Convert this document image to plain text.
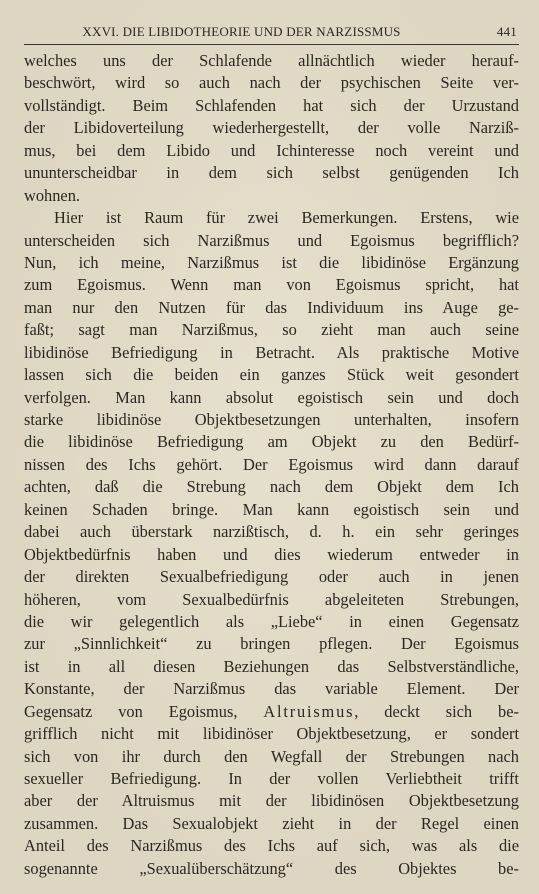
XXVI. DIE LIBIDOTHEORIE UND DER NARZISSMUS	441
welches uns der Schlafende allnächtlich wieder herauf-
beschwört, wird so auch nach der psychischen Seite ver-
vollständigt. Beim Schlafenden hat sich der Urzustand
der Libidoverteilung wiederhergestellt, der volle Narziß-
mus, bei dem Libido und Ichinteresse noch vereint und
ununterscheidbar in dem sich selbst genügenden Ich
wohnen.
Hier ist Raum für zwei Bemerkungen. Erstens, wie
unterscheiden sich Narzißmus und Egoismus begrifflich?
Nun, ich meine, Narzißmus ist die libidinöse Ergänzung
zum Egoismus. Wenn man von Egoismus spricht, hat
man nur den Nutzen für das Individuum ins Auge ge-
faßt; sagt man Narzißmus, so zieht man auch seine
libidinöse Befriedigung in Betracht. Als praktische Motive
lassen sich die beiden ein ganzes Stück weit gesondert
verfolgen. Man kann absolut egoistisch sein und doch
starke libidinöse Objektbesetzungen unterhalten, insofern
die libidinöse Befriedigung am Objekt zu den Bedürf-
nissen des Ichs gehört. Der Egoismus wird dann darauf
achten, daß die Strebung nach dem Objekt dem Ich
keinen Schaden bringe. Man kann egoistisch sein und
dabei auch überstark narzißtisch, d. h. ein sehr geringes
Objektbedürfnis haben und dies wiederum entweder in
der direkten Sexualbefriedigung oder auch in jenen
höheren, vom Sexualbedürfnis abgeleiteten Strebungen,
die wir gelegentlich als „Liebe“ in einen Gegensatz
zur „Sinnlichkeit“ zu bringen pflegen. Der Egoismus
ist in all diesen Beziehungen das Selbstverständliche,
Konstante, der Narzißmus das variable Element. Der
Gegensatz von Egoismus, Altruismus, deckt sich be-
grifflich nicht mit libidinöser Objektbesetzung, er sondert
sich von ihr durch den Wegfall der Strebungen nach
sexueller Befriedigung. In der vollen Verliebtheit trifft
aber der Altruismus mit der libidinösen Objektbesetzung
zusammen. Das Sexualobjekt zieht in der Regel einen
Anteil des Narzißmus des Ichs auf sich, was als die
sogenannte „Sexualüberschätzung“ des Objektes be-
